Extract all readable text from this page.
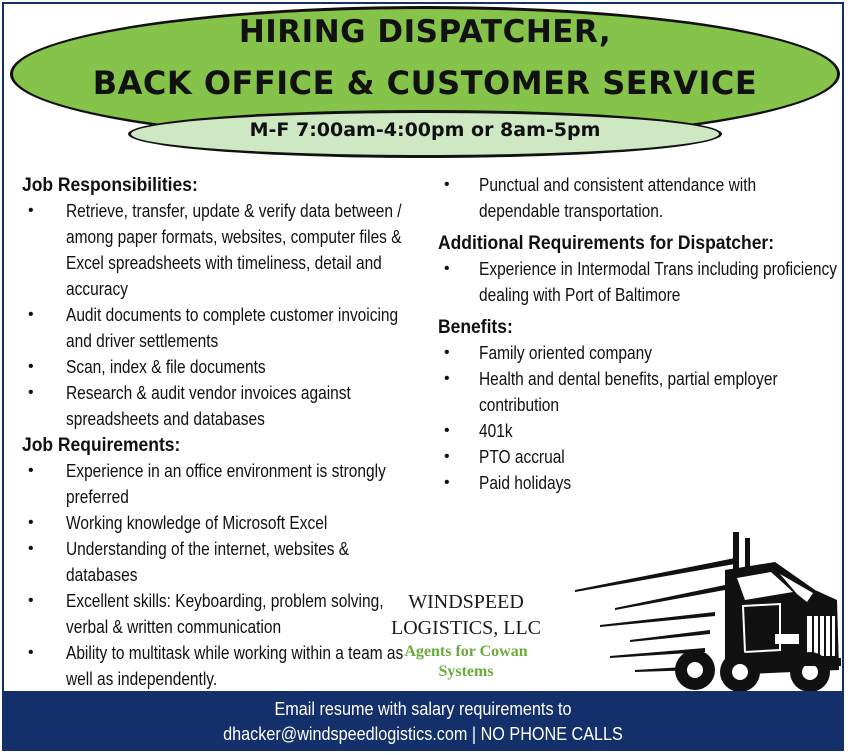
HIRING DISPATCHER,
BACK OFFICE & CUSTOMER SERVICE
M-F 7:00am-4:00pm or 8am-5pm
Job Responsibilities:
• Retrieve, transfer, update & verify data between / among paper formats, websites, computer files & Excel spreadsheets with timeliness, detail and accuracy
• Audit documents to complete customer invoicing and driver settlements
• Scan, index & file documents
• Research & audit vendor invoices against spreadsheets and databases
Job Requirements:
• Experience in an office environment is strongly preferred
• Working knowledge of Microsoft Excel
• Understanding of the internet, websites & databases
• Excellent skills: Keyboarding, problem solving, verbal & written communication
• Ability to multitask while working within a team as well as independently.
• Punctual and consistent attendance with dependable transportation.
Additional Requirements for Dispatcher:
• Experience in Intermodal Trans including proficiency dealing with Port of Baltimore
Benefits:
• Family oriented company
• Health and dental benefits, partial employer contribution
• 401k
• PTO accrual
• Paid holidays
WINDSPEED
LOGISTICS, LLC
Agents for Cowan
Systems
Email resume with salary requirements to
dhacker@windspeedlogistics.com | NO PHONE CALLS
